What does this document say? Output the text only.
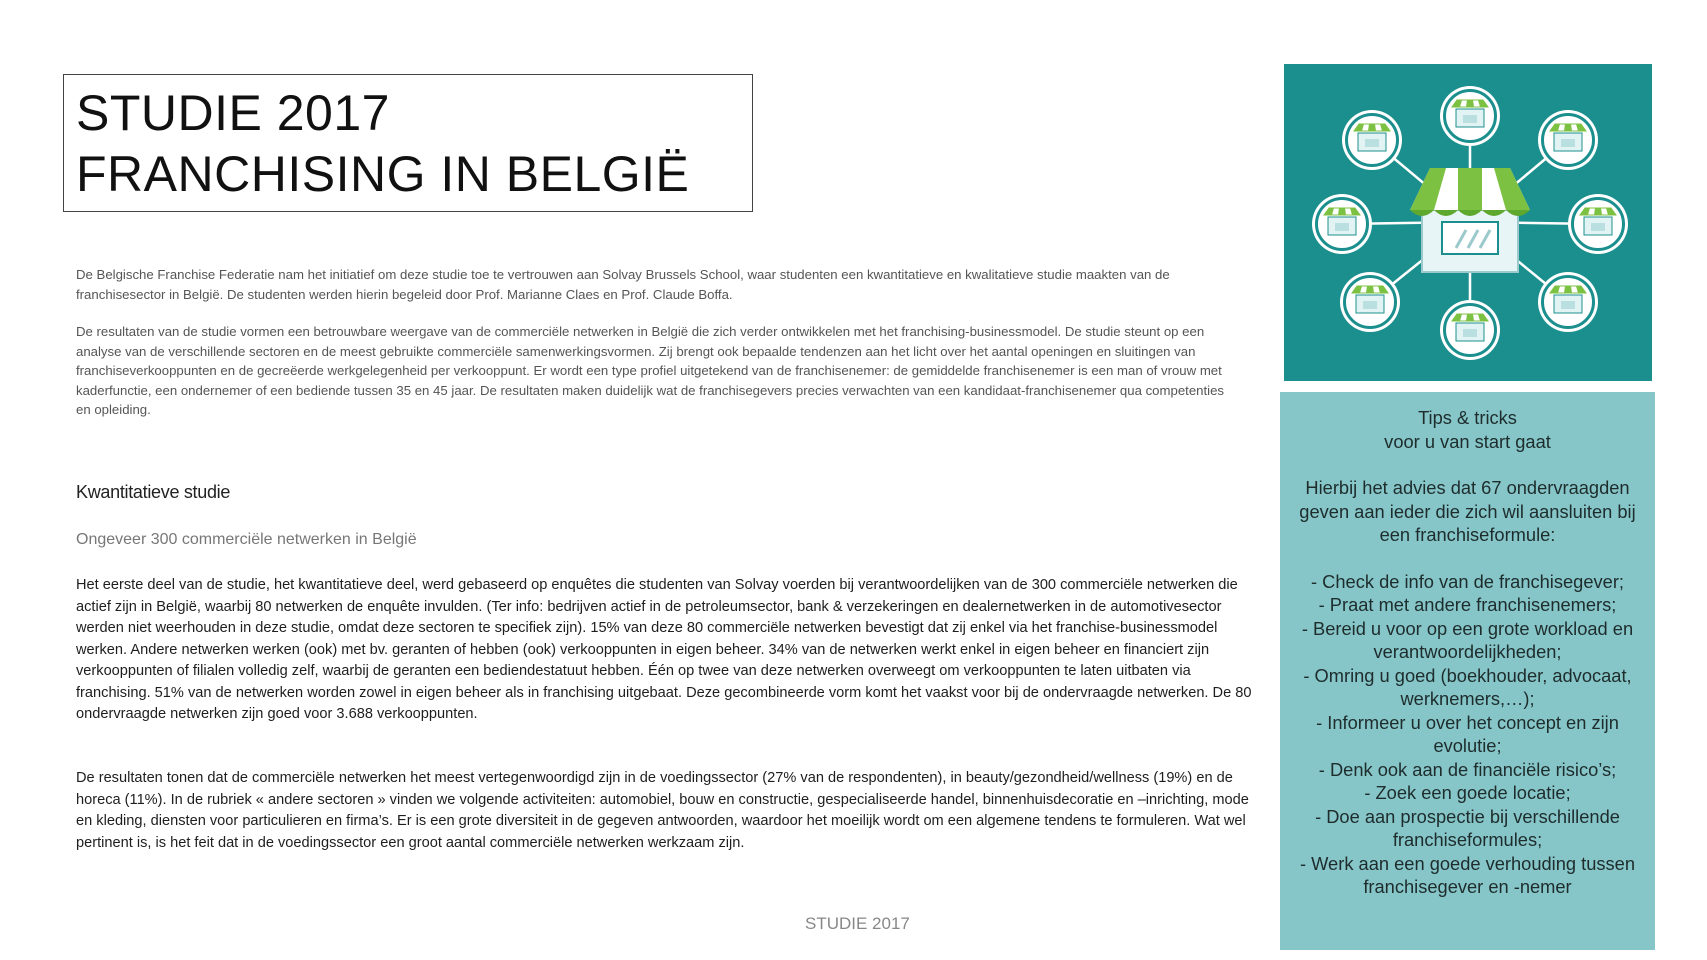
STUDIE 2017
FRANCHISING IN BELGIË

De Belgische Franchise Federatie nam het initiatief om deze studie toe te vertrouwen aan Solvay Brussels School, waar studenten een kwantitatieve en kwalitatieve studie maakten van de franchisesector in België. De studenten werden hierin begeleid door Prof. Marianne Claes en Prof. Claude Boffa.

De resultaten van de studie vormen een betrouwbare weergave van de commerciële netwerken in België die zich verder ontwikkelen met het franchising-businessmodel. De studie steunt op een analyse van de verschillende sectoren en de meest gebruikte commerciële samenwerkingsvormen. Zij brengt ook bepaalde tendenzen aan het licht over het aantal openingen en sluitingen van franchiseverkooppunten en de gecreëerde werkgelegenheid per verkooppunt. Er wordt een type profiel uitgetekend van de franchisenemer: de gemiddelde franchisenemer is een man of vrouw met kaderfunctie, een ondernemer of een bediende tussen 35 en 45 jaar. De resultaten maken duidelijk wat de franchisegevers precies verwachten van een kandidaat-franchisenemer qua competenties en opleiding.

Kwantitatieve studie
Ongeveer 300 commerciële netwerken in België

Het eerste deel van de studie, het kwantitatieve deel, werd gebaseerd op enquêtes die studenten van Solvay voerden bij verantwoordelijken van de 300 commerciële netwerken die actief zijn in België, waarbij 80 netwerken de enquête invulden. (Ter info: bedrijven actief in de petroleumsector, bank & verzekeringen en dealernetwerken in de automotivesector werden niet weerhouden in deze studie, omdat deze sectoren te specifiek zijn). 15% van deze 80 commerciële netwerken bevestigt dat zij enkel via het franchise-businessmodel werken. Andere netwerken werken (ook) met bv. geranten of hebben (ook) verkooppunten in eigen beheer. 34% van de netwerken werkt enkel in eigen beheer en financiert zijn verkooppunten of filialen volledig zelf, waarbij de geranten een bediendestatuut hebben. Één op twee van deze netwerken overweegt om verkooppunten te laten uitbaten via franchising. 51% van de netwerken worden zowel in eigen beheer als in franchising uitgebaat. Deze gecombineerde vorm komt het vaakst voor bij de ondervraagde netwerken. De 80 ondervraagde netwerken zijn goed voor 3.688 verkooppunten.

De resultaten tonen dat de commerciële netwerken het meest vertegenwoordigd zijn in de voedingssector (27% van de respondenten), in beauty/gezondheid/wellness (19%) en de horeca (11%). In de rubriek « andere sectoren » vinden we volgende activiteiten: automobiel, bouw en constructie, gespecialiseerde handel, binnenhuisdecoratie en –inrichting, mode en kleding, diensten voor particulieren en firma’s. Er is een grote diversiteit in de gegeven antwoorden, waardoor het moeilijk wordt om een algemene tendens te formuleren. Wat wel pertinent is, is het feit dat in de voedingssector een groot aantal commerciële netwerken werkzaam zijn.

STUDIE 2017
Tips & tricks
voor u van start gaat

Hierbij het advies dat 67 ondervraagden geven aan ieder die zich wil aansluiten bij een franchiseformule:

- Check de info van de franchisegever;
- Praat met andere franchisenemers;
- Bereid u voor op een grote workload en verantwoordelijkheden;
- Omring u goed (boekhouder, advocaat, werknemers,…);
- Informeer u over het concept en zijn evolutie;
- Denk ook aan de financiële risico’s;
- Zoek een goede locatie;
- Doe aan prospectie bij verschillende franchiseformules;
- Werk aan een goede verhouding tussen franchisegever en -nemer
